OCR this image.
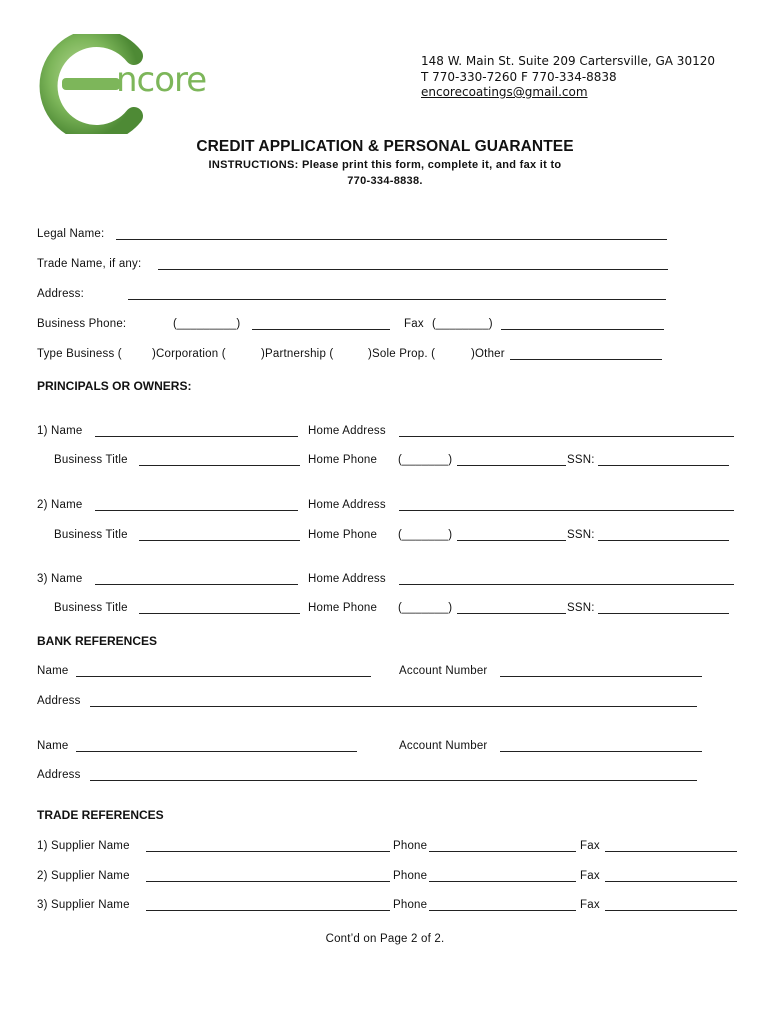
ncore	148 W. Main St. Suite 209 Cartersville, GA 30120
T 770-330-7260 F 770-334-8838
encorecoatings@gmail.com
CREDIT APPLICATION & PERSONAL GUARANTEE
INSTRUCTIONS: Please print this form, complete it, and fax it to
770-334-8838.
Legal Name:
Trade Name, if any:
Address:
Business Phone:	(_________)	Fax (________)
Type Business (	)Corporation (	)Partnership (	)Sole Prop. (	)Other
PRINCIPALS OR OWNERS:
1) Name	Home Address
Business Title	Home Phone (_______)	SSN:
2) Name	Home Address
Business Title	Home Phone (_______)	SSN:
3) Name	Home Address
Business Title	Home Phone (_______)	SSN:
BANK REFERENCES
Name	Account Number
Address
Name	Account Number
Address
TRADE REFERENCES
1) Supplier Name	Phone	Fax
2) Supplier Name	Phone	Fax
3) Supplier Name	Phone	Fax
Cont’d on Page 2 of 2.
